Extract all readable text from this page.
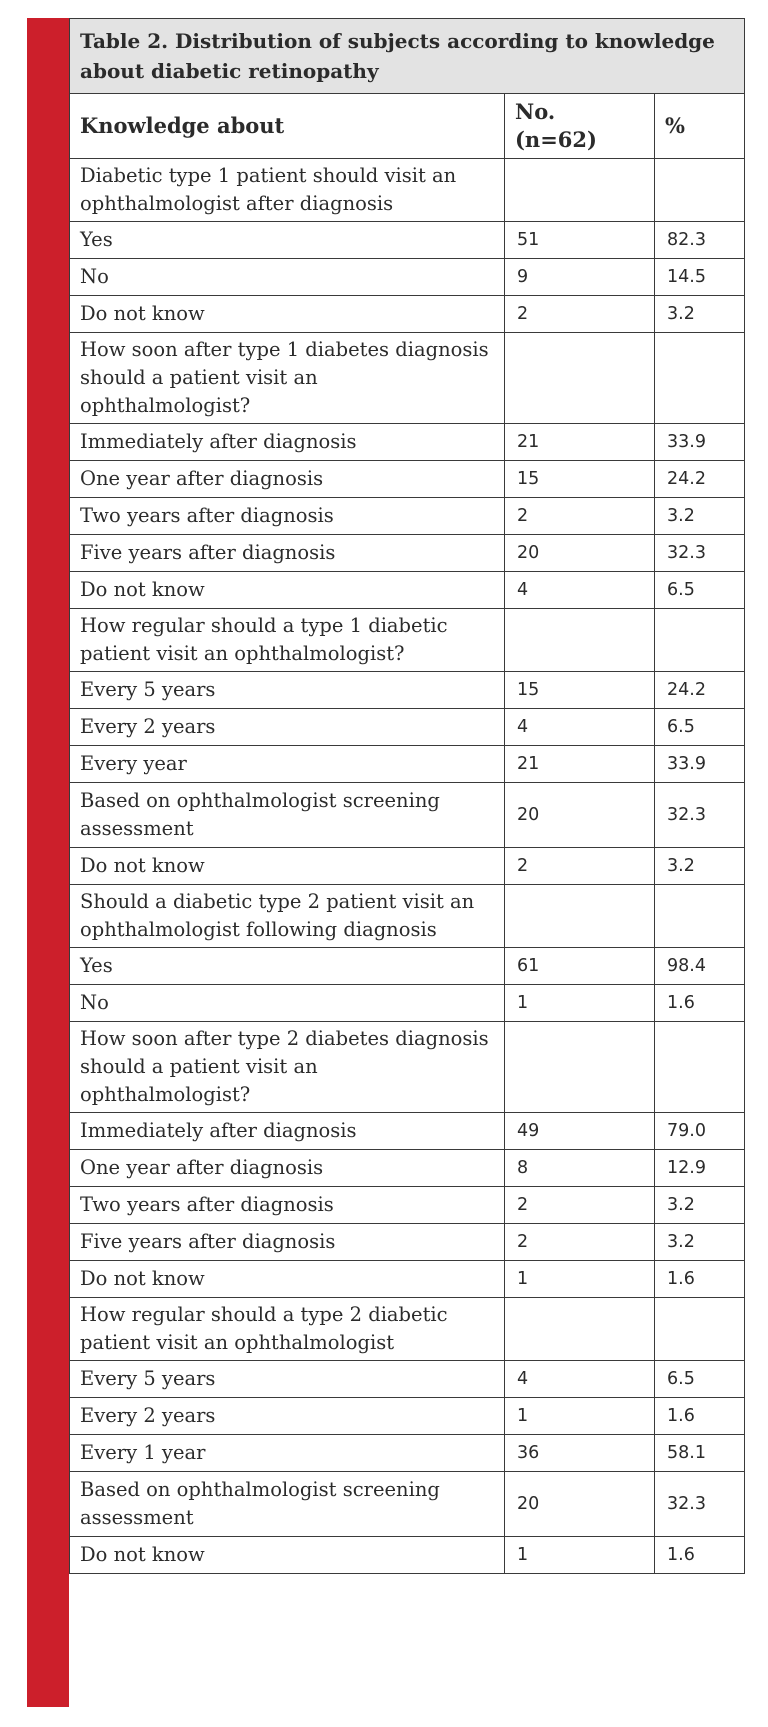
Table 2. Distribution of subjects according to knowledge about diabetic retinopathy		
Knowledge about	No. (n=62)	%
Diabetic type 1 patient should visit an ophthalmologist after diagnosis		
Yes	51	82.3
No	9	14.5
Do not know	2	3.2
How soon after type 1 diabetes diagnosis should a patient visit an ophthalmologist?		
Immediately after diagnosis	21	33.9
One year after diagnosis	15	24.2
Two years after diagnosis	2	3.2
Five years after diagnosis	20	32.3
Do not know	4	6.5
How regular should a type 1 diabetic patient visit an ophthalmologist?		
Every 5 years	15	24.2
Every 2 years	4	6.5
Every year	21	33.9
Based on ophthalmologist screening assessment	20	32.3
Do not know	2	3.2
Should a diabetic type 2 patient visit an ophthalmologist following diagnosis		
Yes	61	98.4
No	1	1.6
How soon after type 2 diabetes diagnosis should a patient visit an ophthalmologist?		
Immediately after diagnosis	49	79.0
One year after diagnosis	8	12.9
Two years after diagnosis	2	3.2
Five years after diagnosis	2	3.2
Do not know	1	1.6
How regular should a type 2 diabetic patient visit an ophthalmologist		
Every 5 years	4	6.5
Every 2 years	1	1.6
Every 1 year	36	58.1
Based on ophthalmologist screening assessment	20	32.3
Do not know	1	1.6
